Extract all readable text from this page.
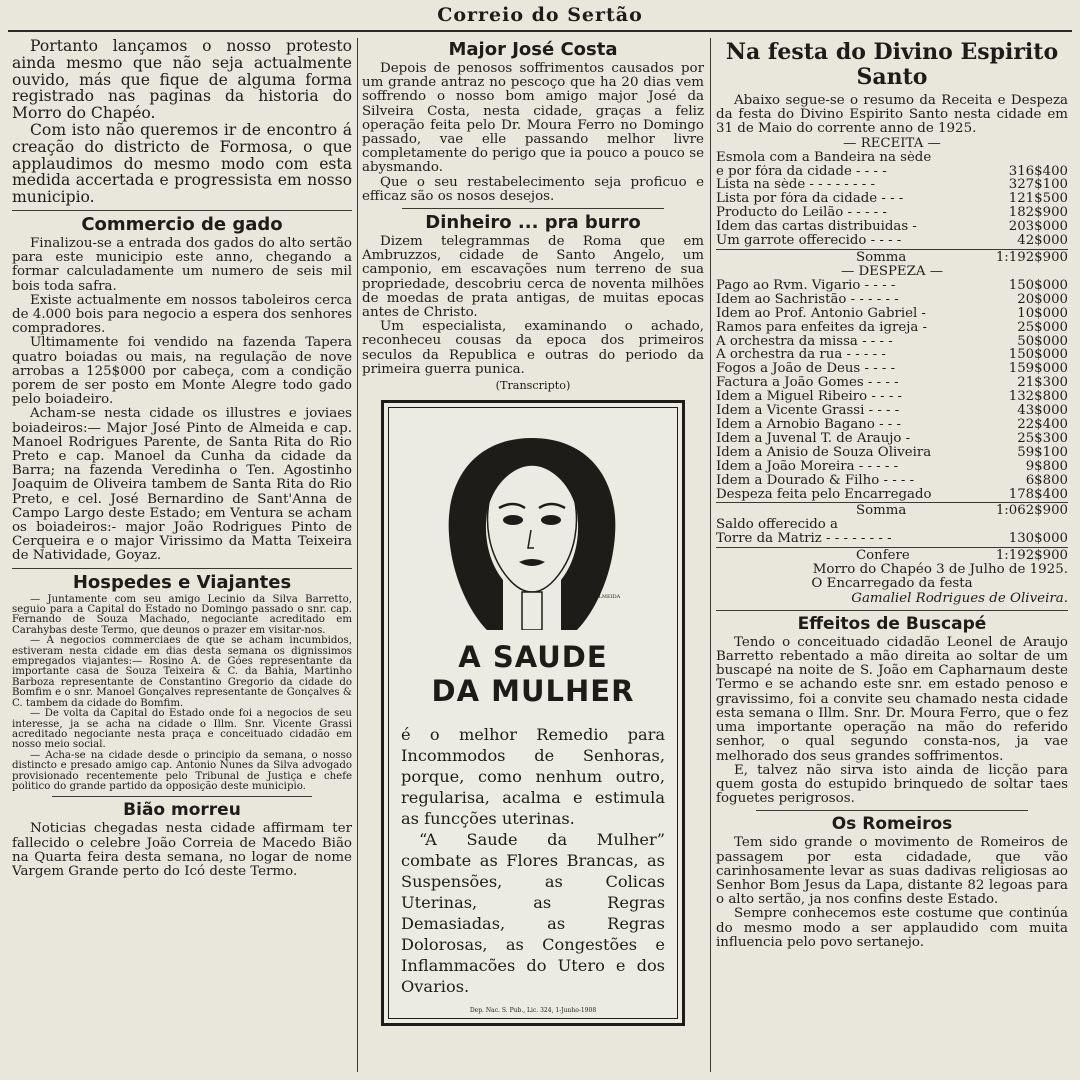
Correio do Sertão

Portanto lançamos o nosso protesto ainda mesmo que não seja actualmente ouvido, más que fique de alguma forma registrado nas paginas da historia do Morro do Chapéo.

Com isto não queremos ir de encontro á creação do districto de Formosa, o que applaudimos do mesmo modo com esta medida accertada e progressista em nosso municipio.

Commercio de gado

Finalizou-se a entrada dos gados do alto sertão para este municipio este anno, chegando a formar calculadamente um numero de seis mil bois toda safra.

Existe actualmente em nossos taboleiros cerca de 4.000 bois para negocio a espera dos senhores compradores.

Ultimamente foi vendido na fazenda Tapera quatro boiadas ou mais, na regulação de nove arrobas a 125$000 por cabeça, com a condição porem de ser posto em Monte Alegre todo gado pelo boiadeiro.

Acham-se nesta cidade os illustres e joviaes boiadeiros:— Major José Pinto de Almeida e cap. Manoel Rodrigues Parente, de Santa Rita do Rio Preto e cap. Manoel da Cunha da cidade da Barra; na fazenda Veredinha o Ten. Agostinho Joaquim de Oliveira tambem de Santa Rita do Rio Preto, e cel. José Bernardino de Sant'Anna de Campo Largo deste Estado; em Ventura se acham os boiadeiros:- major João Rodrigues Pinto de Cerqueira e o major Virissimo da Matta Teixeira de Natividade, Goyaz.

Hospedes e Viajantes

— Juntamente com seu amigo Lecinio da Silva Barretto, seguio para a Capital do Estado no Domingo passado o snr. cap. Fernando de Souza Machado, negociante acreditado em Carahybas deste Termo, que deunos o prazer em visitar-nos.

— A negocios commerciaes de que se acham incumbidos, estiveram nesta cidade em dias desta semana os dignissimos empregados viajantes:— Rosino A. de Góes representante da importante casa de Souza Teixeira & C. da Bahia, Martinho Barboza representante de Constantino Gregorio da cidade do Bomfim e o snr. Manoel Gonçalves representante de Gonçalves & C. tambem da cidade do Bomfim.

— De volta da Capital do Estado onde foi a negocios de seu interesse, ja se acha na cidade o Illm. Snr. Vicente Grassi acreditado negociante nesta praça e conceituado cidadão em nosso meio social.

— Acha-se na cidade desde o principio da semana, o nosso distincto e presado amigo cap. Antonio Nunes da Silva advogado provisionado recentemente pelo Tribunal de Justiça e chefe politico do grande partido da opposição deste municipio.

Bião morreu

Noticias chegadas nesta cidade affirmam ter fallecido o celebre João Correia de Macedo Bião na Quarta feira desta semana, no logar de nome Vargem Grande perto do Icó deste Termo.

Major José Costa

Depois de penosos soffrimentos causados por um grande antraz no pescoço que ha 20 dias vem soffrendo o nosso bom amigo major José da Silveira Costa, nesta cidade, graças a feliz operação feita pelo Dr. Moura Ferro no Domingo passado, vae elle passando melhor livre completamente do perigo que ia pouco a pouco se abysmando.

Que o seu restabelecimento seja proficuo e efficaz são os nosos desejos.

Dinheiro ... pra burro

Dizem telegrammas de Roma que em Ambruzzos, cidade de Santo Angelo, um camponio, em escavações num terreno de sua propriedade, descobriu cerca de noventa milhões de moedas de prata antigas, de muitas epocas antes de Christo.

Um especialista, examinando o achado, reconheceu cousas da epoca dos primeiros seculos da Republica e outras do periodo da primeira guerra punica.

(Transcripto)

ALMEIDA
A SAUDE
DA MULHER

é o melhor Remedio para Incommodos de Senhoras, porque, como nenhum outro, regularisa, acalma e estimula as funcções uterinas.

“A Saude da Mulher” combate as Flores Brancas, as Suspensões, as Colicas Uterinas, as Regras Demasiadas, as Regras Dolorosas, as Congestões e Inflammacões do Utero e dos Ovarios.

Dep. Nac. S. Pub., Lic. 324, 1-Junho-1908
Na festa do Divino Espirito Santo

Abaixo segue-se o resumo da Receita e Despeza da festa do Divino Espirito Santo nesta cidade em 31 de Maio do corrente anno de 1925.

— RECEITA —
Esmola com a Bandeira na sède
e por fóra da cidade - - - -	316$400
Lista na sède - - - - - - - -	327$100
Lista por fóra da cidade - - -	121$500
Producto do Leilão - - - - -	182$900
Idem das cartas distribuidas -	203$000
Um garrote offerecido - - - -	42$000
Somma	1:192$900
— DESPEZA —
Pago ao Rvm. Vigario - - - -	150$000
Idem ao Sachristão - - - - - -	20$000
Idem ao Prof. Antonio Gabriel -	10$000
Ramos para enfeites da igreja -	25$000
A orchestra da missa - - - -	50$000
A orchestra da rua - - - - -	150$000
Fogos a João de Deus - - - -	159$000
Factura a João Gomes - - - -	21$300
Idem a Miguel Ribeiro - - - -	132$800
Idem a Vicente Grassi - - - -	43$000
Idem a Arnobio Bagano - - -	22$400
Idem a Juvenal T. de Araujo -	25$300
Idem a Anisio de Souza Oliveira	59$100
Idem a João Moreira - - - - -	9$800
Idem a Dourado & Filho - - - -	6$800
Despeza feita pelo Encarregado	178$400
Somma	1:062$900
Saldo offerecido a
Torre da Matriz - - - - - - - -	130$000
Confere	1:192$900

Morro do Chapéo 3 de Julho de 1925.

O Encarregado da festa

Gamaliel Rodrigues de Oliveira.

Effeitos de Buscapé

Tendo o conceituado cidadão Leonel de Araujo Barretto rebentado a mão direita ao soltar de um buscapé na noite de S. João em Capharnaum deste Termo e se achando este snr. em estado penoso e gravissimo, foi a convite seu chamado nesta cidade esta semana o Illm. Snr. Dr. Moura Ferro, que o fez uma importante operação na mão do referido senhor, o qual segundo consta-nos, ja vae melhorado dos seus grandes soffrimentos.

E, talvez não sirva isto ainda de licção para quem gosta do estupido brinquedo de soltar taes foguetes perigrosos.

Os Romeiros

Tem sido grande o movimento de Romeiros de passagem por esta cidadade, que vão carinhosamente levar as suas dadivas religiosas ao Senhor Bom Jesus da Lapa, distante 82 legoas para o alto sertão, ja nos confins deste Estado.

Sempre conhecemos este costume que continúa do mesmo modo a ser applaudido com muita influencia pelo povo sertanejo.
